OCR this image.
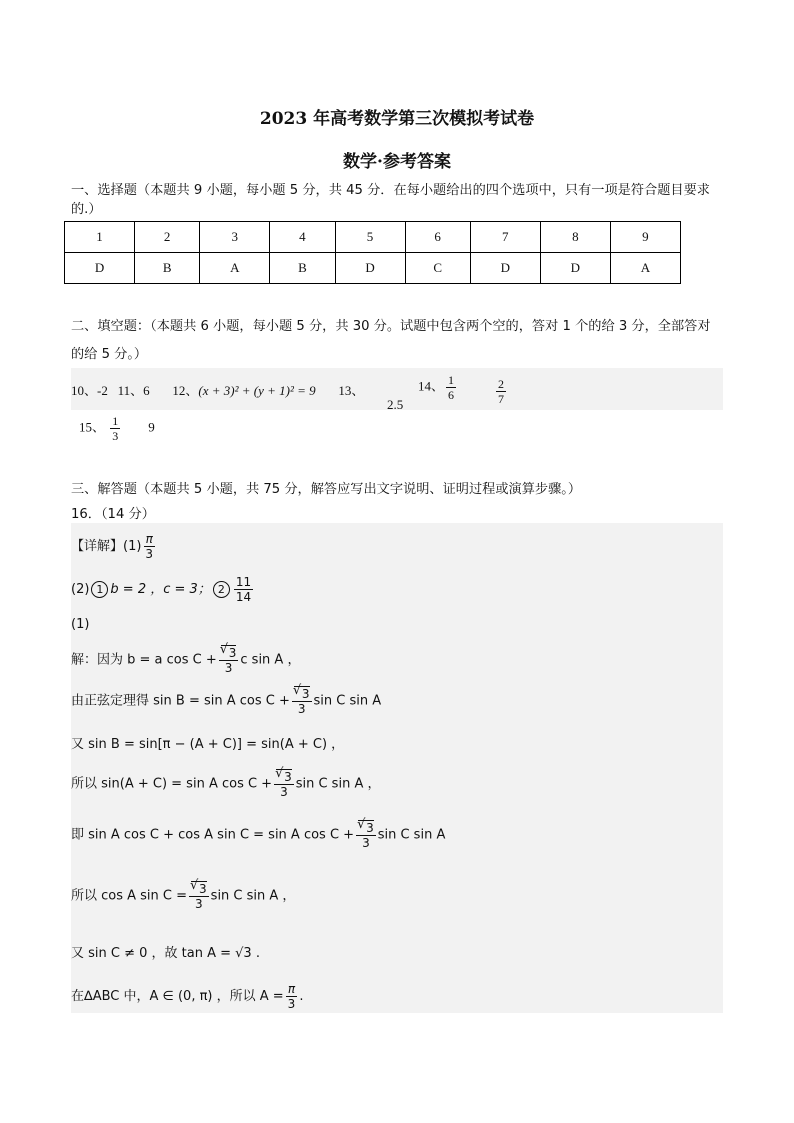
2023 年高考数学第三次模拟考试卷
数学·参考答案
一、选择题（本题共 9 小题，每小题 5 分，共 45 分．在每小题给出的四个选项中，只有一项是符合题目要求的.）
1	2	3	4	5	6	7	8	9
D	B	A	B	D	C	D	D	A
二、填空题：（本题共 6 小题，每小题 5 分，共 30 分。试题中包含两个空的，答对 1 个的给 3 分，全部答对的给 5 分。）
10、-2 11、6 12、(x + 3)² + (y + 1)² = 9 13、
2.5
14、 $\frac{1}{6}$	$\frac{2}{7}$
15、 $\frac{1}{3} 9$
三、解答题（本题共 5 小题，共 75 分，解答应写出文字说明、证明过程或演算步骤。）
16．（14 分）
【详解】$(1) \frac{\pi}{3}$
(2) 1 b = 2 ，c = 3； $2 \frac{11}{14}$
(1)
解：因为 b = a cos C + √ $\frac{3}{3}$ c sin A ，
由正弦定理得 sin B = sin A cos C + √ $\frac{3}{3}$ sin C sin A
又 sin B = sin[π − (A + C)] = sin(A + C) ，
所以 sin(A + C) = sin A cos C + √ $\frac{3}{3}$ sin C sin A ，
即 sin A cos C + cos A sin C = sin A cos C + √ $\frac{3}{3}$ sin C sin A
所以 cos A sin C = √ $\frac{3}{3}$ sin C sin A ，
又 sin C ≠ 0 ，故 tan A = √3 .
在∆ABC 中，A ∈ (0, π) ，所以 $A = \frac{\pi}{3}$ .
